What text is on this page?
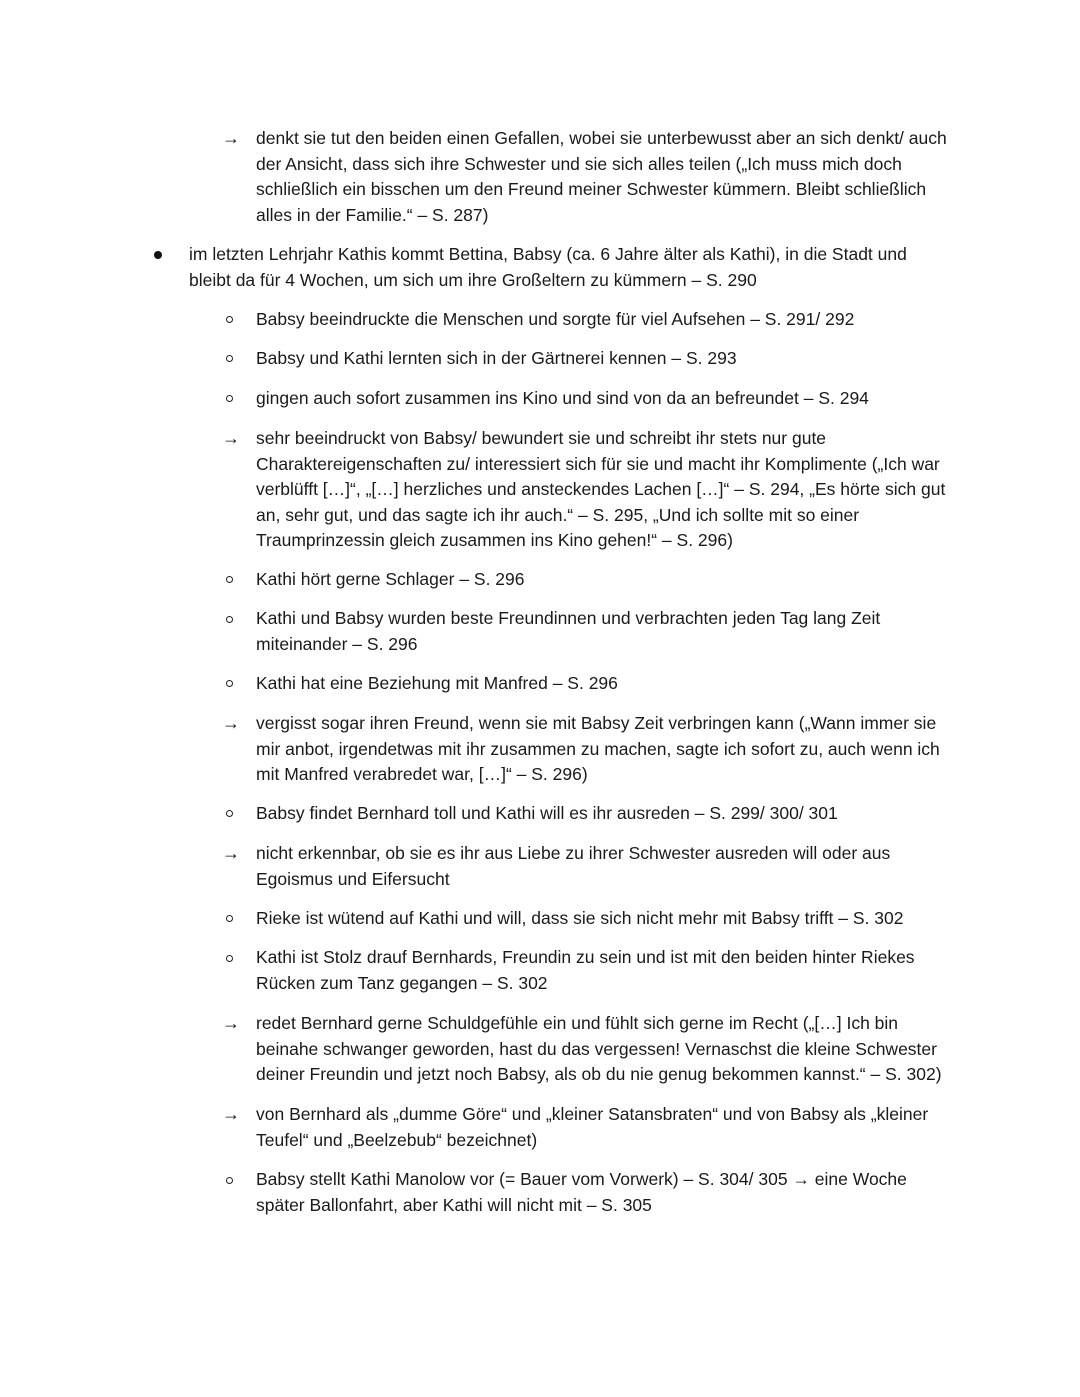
→ denkt sie tut den beiden einen Gefallen, wobei sie unterbewusst aber an sich denkt/ auch der Ansicht, dass sich ihre Schwester und sie sich alles teilen („Ich muss mich doch schließlich ein bisschen um den Freund meiner Schwester kümmern. Bleibt schließlich alles in der Familie.“ – S. 287)
im letzten Lehrjahr Kathis kommt Bettina, Babsy (ca. 6 Jahre älter als Kathi), in die Stadt und bleibt da für 4 Wochen, um sich um ihre Großeltern zu kümmern – S. 290
Babsy beeindruckte die Menschen und sorgte für viel Aufsehen – S. 291/ 292
Babsy und Kathi lernten sich in der Gärtnerei kennen – S. 293
gingen auch sofort zusammen ins Kino und sind von da an befreundet – S. 294
→ sehr beeindruckt von Babsy/ bewundert sie und schreibt ihr stets nur gute Charaktereigenschaften zu/ interessiert sich für sie und macht ihr Komplimente („Ich war verblüfft […]“, „[…] herzliches und ansteckendes Lachen […]“ – S. 294, „Es hörte sich gut an, sehr gut, und das sagte ich ihr auch.“ – S. 295, „Und ich sollte mit so einer Traumprinzessin gleich zusammen ins Kino gehen!“ – S. 296)
Kathi hört gerne Schlager – S. 296
Kathi und Babsy wurden beste Freundinnen und verbrachten jeden Tag lang Zeit miteinander – S. 296
Kathi hat eine Beziehung mit Manfred – S. 296
→ vergisst sogar ihren Freund, wenn sie mit Babsy Zeit verbringen kann („Wann immer sie mir anbot, irgendetwas mit ihr zusammen zu machen, sagte ich sofort zu, auch wenn ich mit Manfred verabredet war, […]“ – S. 296)
Babsy findet Bernhard toll und Kathi will es ihr ausreden – S. 299/ 300/ 301
→ nicht erkennbar, ob sie es ihr aus Liebe zu ihrer Schwester ausreden will oder aus Egoismus und Eifersucht
Rieke ist wütend auf Kathi und will, dass sie sich nicht mehr mit Babsy trifft – S. 302
Kathi ist Stolz drauf Bernhards, Freundin zu sein und ist mit den beiden hinter Riekes Rücken zum Tanz gegangen – S. 302
→ redet Bernhard gerne Schuldgefühle ein und fühlt sich gerne im Recht („[…] Ich bin beinahe schwanger geworden, hast du das vergessen! Vernaschst die kleine Schwester deiner Freundin und jetzt noch Babsy, als ob du nie genug bekommen kannst.“ – S. 302)
→ von Bernhard als „dumme Göre“ und „kleiner Satansbraten“ und von Babsy als „kleiner Teufel“ und „Beelzebub“ bezeichnet)
Babsy stellt Kathi Manolow vor (= Bauer vom Vorwerk) – S. 304/ 305 → eine Woche später Ballonfahrt, aber Kathi will nicht mit – S. 305
